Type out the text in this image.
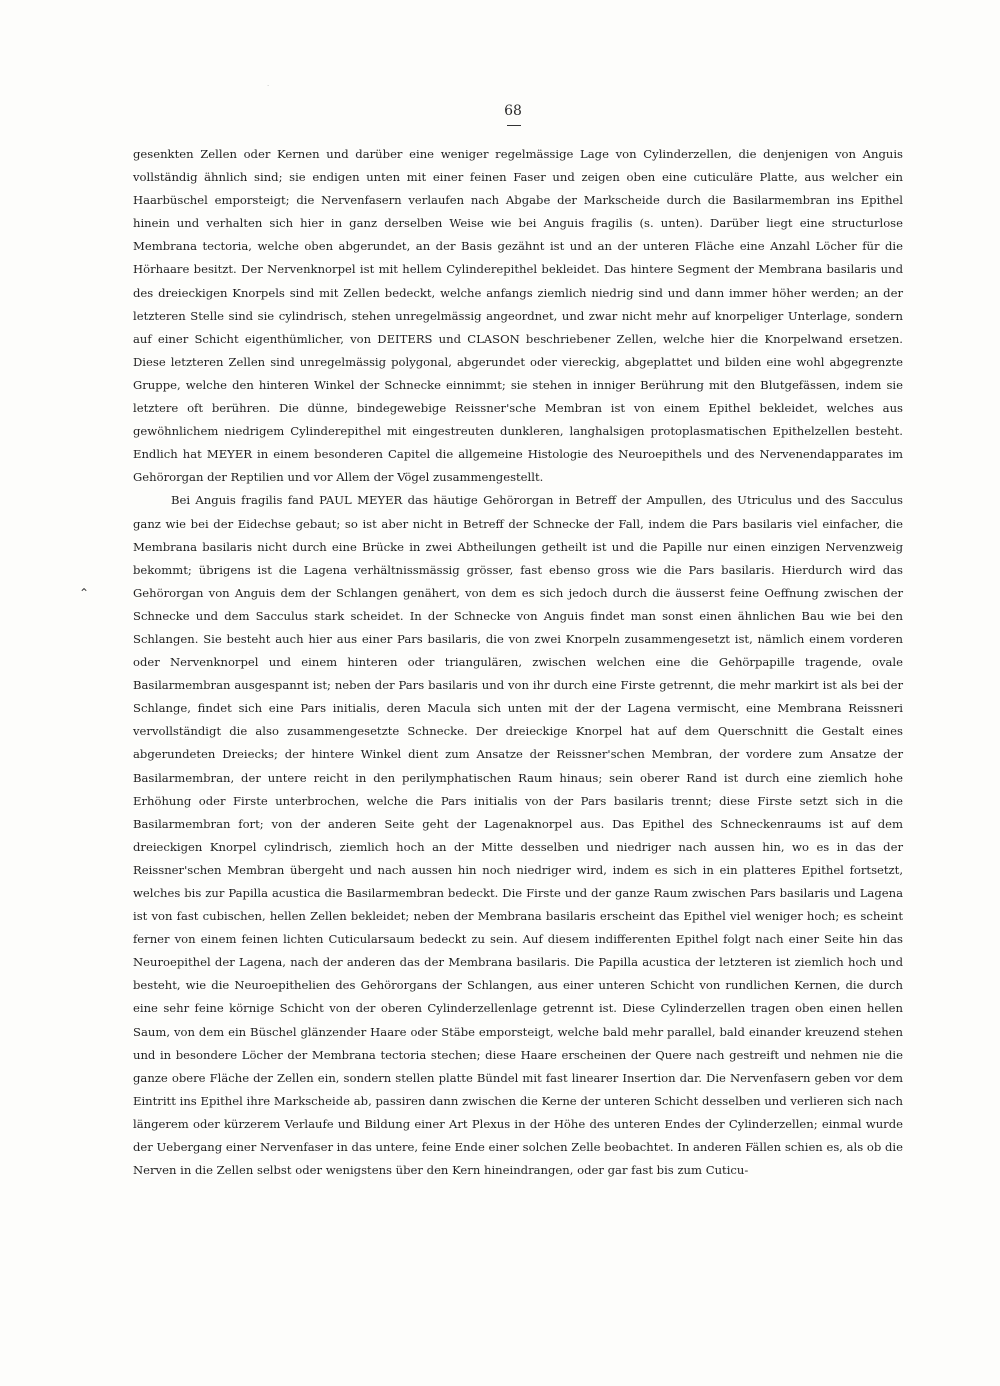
·
68
⌃

gesenkten Zellen oder Kernen und darüber eine weniger regelmässige Lage von Cylinderzellen, die denjenigen von Anguis vollständig ähnlich sind; sie endigen unten mit einer feinen Faser und zeigen oben eine cuticuläre Platte, aus welcher ein Haarbüschel emporsteigt; die Nervenfasern verlaufen nach Abgabe der Markscheide durch die Basilarmembran ins Epithel hinein und verhalten sich hier in ganz derselben Weise wie bei Anguis fragilis (s. unten). Darüber liegt eine structurlose Membrana tectoria, welche oben abgerundet, an der Basis gezähnt ist und an der unteren Fläche eine Anzahl Löcher für die Hörhaare besitzt. Der Nervenknorpel ist mit hellem Cylinderepithel bekleidet. Das hintere Segment der Membrana basilaris und des dreieckigen Knorpels sind mit Zellen bedeckt, welche anfangs ziemlich niedrig sind und dann immer höher werden; an der letzteren Stelle sind sie cylindrisch, stehen unregelmässig angeordnet, und zwar nicht mehr auf knorpeliger Unterlage, sondern auf einer Schicht eigenthümlicher, von DEITERS und CLASON beschriebener Zellen, welche hier die Knorpelwand ersetzen. Diese letzteren Zellen sind unregelmässig polygonal, abgerundet oder viereckig, abgeplattet und bilden eine wohl abgegrenzte Gruppe, welche den hinteren Winkel der Schnecke einnimmt; sie stehen in inniger Berührung mit den Blutgefässen, indem sie letztere oft berühren. Die dünne, bindegewebige Reissner'sche Membran ist von einem Epithel bekleidet, welches aus gewöhnlichem niedrigem Cylinderepithel mit eingestreuten dunkleren, langhalsigen protoplasmatischen Epithelzellen besteht. Endlich hat MEYER in einem besonderen Capitel die allgemeine Histologie des Neuroepithels und des Nervenendapparates im Gehörorgan der Reptilien und vor Allem der Vögel zusammengestellt.

Bei Anguis fragilis fand PAUL MEYER das häutige Gehörorgan in Betreff der Ampullen, des Utriculus und des Sacculus ganz wie bei der Eidechse gebaut; so ist aber nicht in Betreff der Schnecke der Fall, indem die Pars basilaris viel einfacher, die Membrana basilaris nicht durch eine Brücke in zwei Abtheilungen getheilt ist und die Papille nur einen einzigen Nervenzweig bekommt; übrigens ist die Lagena verhältnissmässig grösser, fast ebenso gross wie die Pars basilaris. Hierdurch wird das Gehörorgan von Anguis dem der Schlangen genähert, von dem es sich jedoch durch die äusserst feine Oeffnung zwischen der Schnecke und dem Sacculus stark scheidet. In der Schnecke von Anguis findet man sonst einen ähnlichen Bau wie bei den Schlangen. Sie besteht auch hier aus einer Pars basilaris, die von zwei Knorpeln zusammengesetzt ist, nämlich einem vorderen oder Nervenknorpel und einem hinteren oder triangulären, zwischen welchen eine die Gehörpapille tragende, ovale Basilarmembran ausgespannt ist; neben der Pars basilaris und von ihr durch eine Firste getrennt, die mehr markirt ist als bei der Schlange, findet sich eine Pars initialis, deren Macula sich unten mit der der Lagena vermischt, eine Membrana Reissneri vervollständigt die also zusammengesetzte Schnecke. Der dreieckige Knorpel hat auf dem Querschnitt die Gestalt eines abgerundeten Dreiecks; der hintere Winkel dient zum Ansatze der Reissner'schen Membran, der vordere zum Ansatze der Basilarmembran, der untere reicht in den perilymphatischen Raum hinaus; sein oberer Rand ist durch eine ziemlich hohe Erhöhung oder Firste unterbrochen, welche die Pars initialis von der Pars basilaris trennt; diese Firste setzt sich in die Basilarmembran fort; von der anderen Seite geht der Lagenaknorpel aus. Das Epithel des Schneckenraums ist auf dem dreieckigen Knorpel cylindrisch, ziemlich hoch an der Mitte desselben und niedriger nach aussen hin, wo es in das der Reissner'schen Membran übergeht und nach aussen hin noch niedriger wird, indem es sich in ein platteres Epithel fortsetzt, welches bis zur Papilla acustica die Basilarmembran bedeckt. Die Firste und der ganze Raum zwischen Pars basilaris und Lagena ist von fast cubischen, hellen Zellen bekleidet; neben der Membrana basilaris erscheint das Epithel viel weniger hoch; es scheint ferner von einem feinen lichten Cuticularsaum bedeckt zu sein. Auf diesem indifferenten Epithel folgt nach einer Seite hin das Neuroepithel der Lagena, nach der anderen das der Membrana basilaris. Die Papilla acustica der letzteren ist ziemlich hoch und besteht, wie die Neuroepithelien des Gehörorgans der Schlangen, aus einer unteren Schicht von rundlichen Kernen, die durch eine sehr feine körnige Schicht von der oberen Cylinderzellenlage getrennt ist. Diese Cylinderzellen tragen oben einen hellen Saum, von dem ein Büschel glänzender Haare oder Stäbe emporsteigt, welche bald mehr parallel, bald einander kreuzend stehen und in besondere Löcher der Membrana tectoria stechen; diese Haare erscheinen der Quere nach gestreift und nehmen nie die ganze obere Fläche der Zellen ein, sondern stellen platte Bündel mit fast linearer Insertion dar. Die Nervenfasern geben vor dem Eintritt ins Epithel ihre Markscheide ab, passiren dann zwischen die Kerne der unteren Schicht desselben und verlieren sich nach längerem oder kürzerem Verlaufe und Bildung einer Art Plexus in der Höhe des unteren Endes der Cylinderzellen; einmal wurde der Uebergang einer Nervenfaser in das untere, feine Ende einer solchen Zelle beobachtet. In anderen Fällen schien es, als ob die Nerven in die Zellen selbst oder wenigstens über den Kern hineindrangen, oder gar fast bis zum Cuticu-
